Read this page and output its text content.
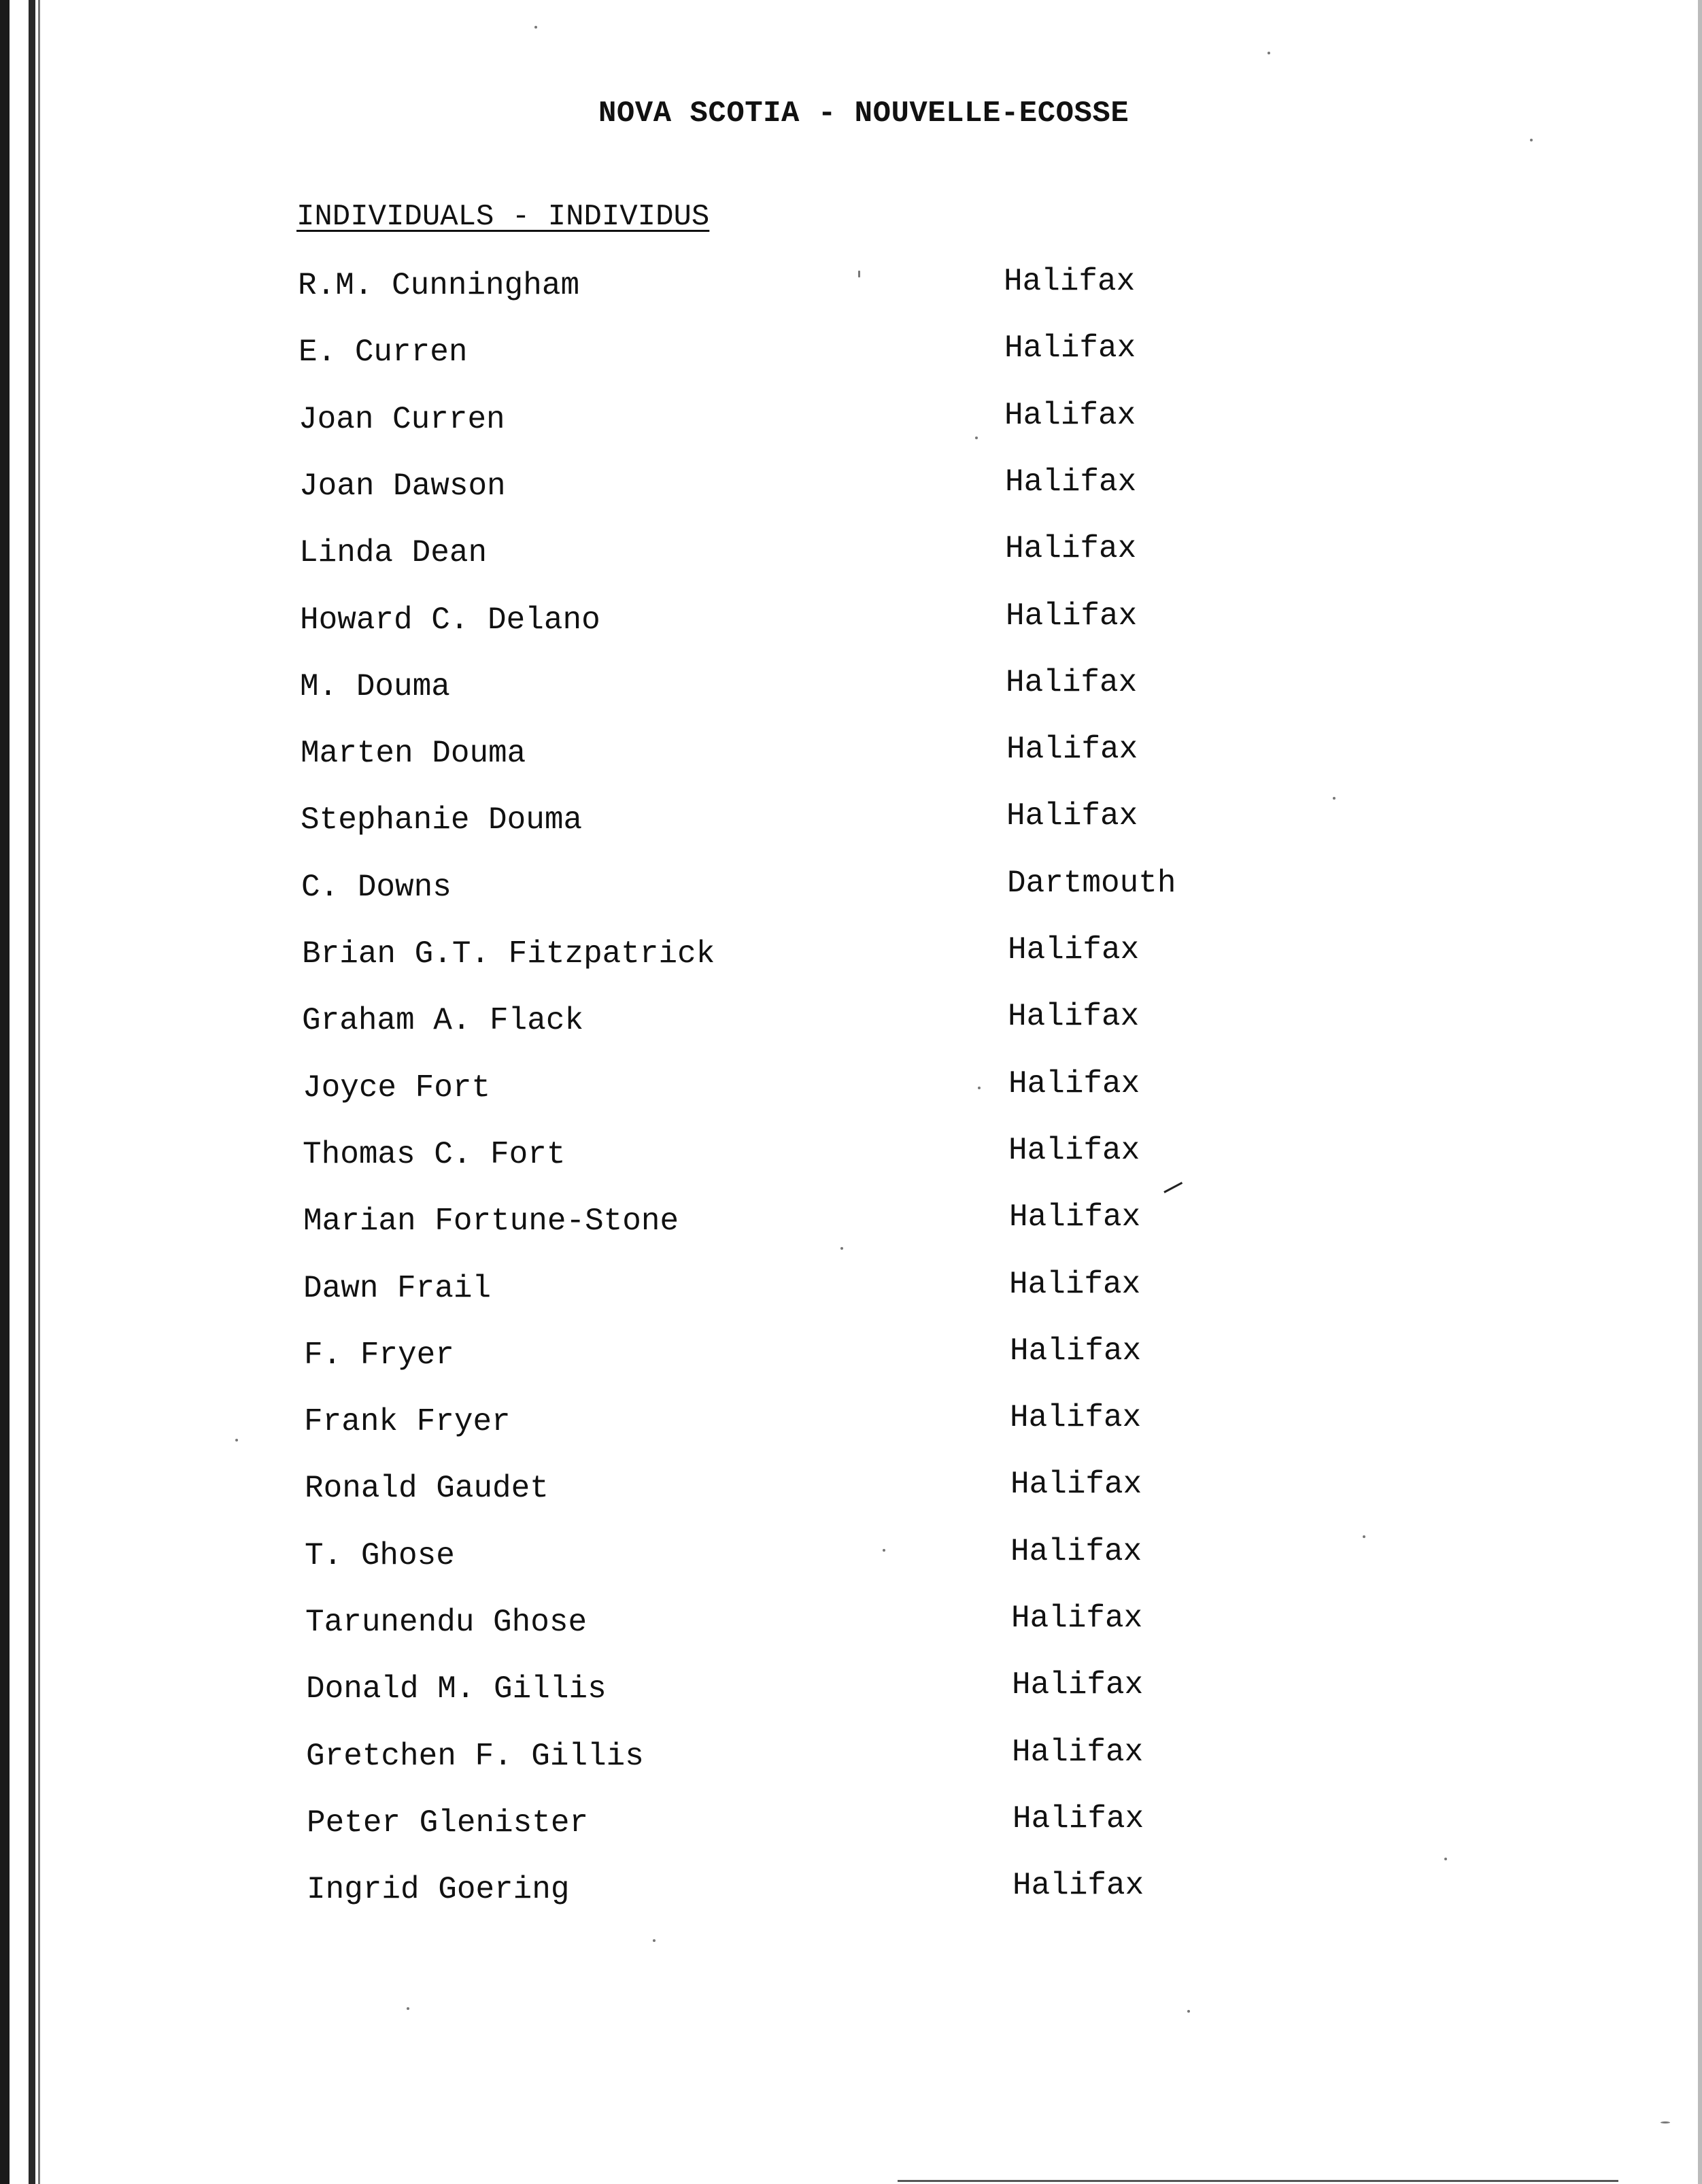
NOVA SCOTIA - NOUVELLE-ECOSSE
INDIVIDUALS - INDIVIDUS
R.M. Cunningham	Halifax
E. Curren	Halifax
Joan Curren	Halifax
Joan Dawson	Halifax
Linda Dean	Halifax
Howard C. Delano	Halifax
M. Douma	Halifax
Marten Douma	Halifax
Stephanie Douma	Halifax
C. Downs	Dartmouth
Brian G.T. Fitzpatrick	Halifax
Graham A. Flack	Halifax
Joyce Fort	Halifax
Thomas C. Fort	Halifax
Marian Fortune-Stone	Halifax
Dawn Frail	Halifax
F. Fryer	Halifax
Frank Fryer	Halifax
Ronald Gaudet	Halifax
T. Ghose	Halifax
Tarunendu Ghose	Halifax
Donald M. Gillis	Halifax
Gretchen F. Gillis	Halifax
Peter Glenister	Halifax
Ingrid Goering	Halifax
